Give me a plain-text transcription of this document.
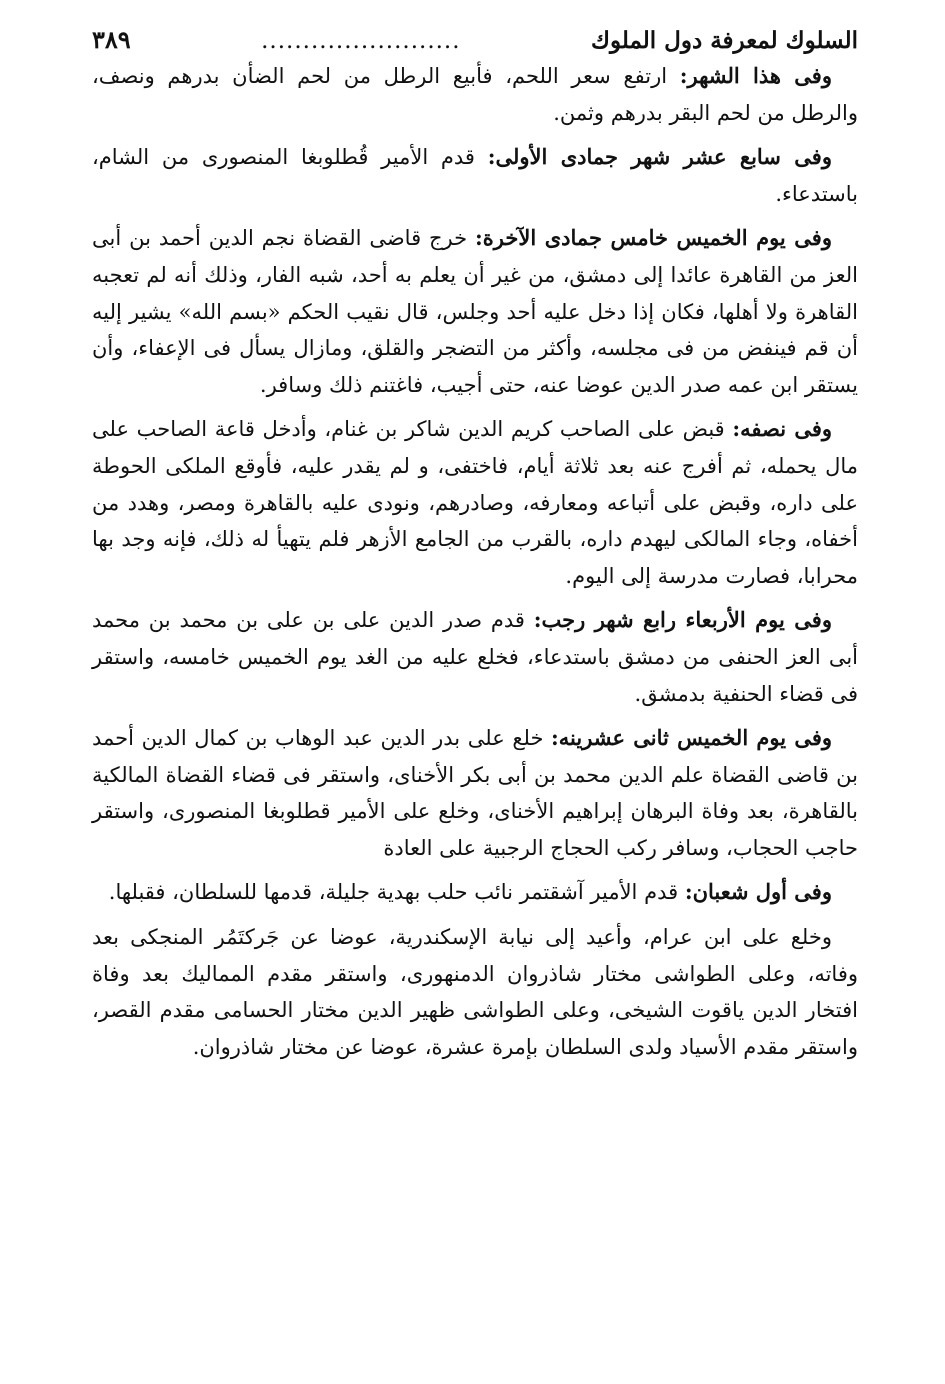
السلوك لمعرفة دول الملوك
........................
٣٨٩

وفى هذا الشهر: ارتفع سعر اللحم، فأبيع الرطل من لحم الضأن بدرهم ونصف، والرطل من لحم البقر بدرهم وثمن.

وفى سابع عشر شهر جمادى الأولى: قدم الأمير قُطلوبغا المنصورى من الشام، باستدعاء.

وفى يوم الخميس خامس جمادى الآخرة: خرج قاضى القضاة نجم الدين أحمد بن أبى العز من القاهرة عائدا إلى دمشق، من غير أن يعلم به أحد، شبه الفار، وذلك أنه لم تعجبه القاهرة ولا أهلها، فكان إذا دخل عليه أحد وجلس، قال نقيب الحكم «بسم الله» يشير إليه أن قم فينفض من فى مجلسه، وأكثر من التضجر والقلق، ومازال يسأل فى الإعفاء، وأن يستقر ابن عمه صدر الدين عوضا عنه، حتى أجيب، فاغتنم ذلك وسافر.

وفى نصفه: قبض على الصاحب كريم الدين شاكر بن غنام، وأدخل قاعة الصاحب على مال يحمله، ثم أفرج عنه بعد ثلاثة أيام، فاختفى، و لم يقدر عليه، فأوقع الملكى الحوطة على داره، وقبض على أتباعه ومعارفه، وصادرهم، ونودى عليه بالقاهرة ومصر، وهدد من أخفاه، وجاء المالكى ليهدم داره، بالقرب من الجامع الأزهر فلم يتهيأ له ذلك، فإنه وجد بها محرابا، فصارت مدرسة إلى اليوم.

وفى يوم الأربعاء رابع شهر رجب: قدم صدر الدين على بن على بن محمد بن محمد أبى العز الحنفى من دمشق باستدعاء، فخلع عليه من الغد يوم الخميس خامسه، واستقر فى قضاء الحنفية بدمشق.

وفى يوم الخميس ثانى عشرينه: خلع على بدر الدين عبد الوهاب بن كمال الدين أحمد بن قاضى القضاة علم الدين محمد بن أبى بكر الأخناى، واستقر فى قضاء القضاة المالكية بالقاهرة، بعد وفاة البرهان إبراهيم الأخناى، وخلع على الأمير قطلوبغا المنصورى، واستقر حاجب الحجاب، وسافر ركب الحجاج الرجبية على العادة

وفى أول شعبان: قدم الأمير آشقتمر نائب حلب بهدية جليلة، قدمها للسلطان، فقبلها.

وخلع على ابن عرام، وأعيد إلى نيابة الإسكندرية، عوضا عن جَركتَمُر المنجكى بعد وفاته، وعلى الطواشى مختار شاذروان الدمنهورى، واستقر مقدم المماليك بعد وفاة افتخار الدين ياقوت الشيخى، وعلى الطواشى ظهير الدين مختار الحسامى مقدم القصر، واستقر مقدم الأسياد ولدى السلطان بإمرة عشرة، عوضا عن مختار شاذروان.
